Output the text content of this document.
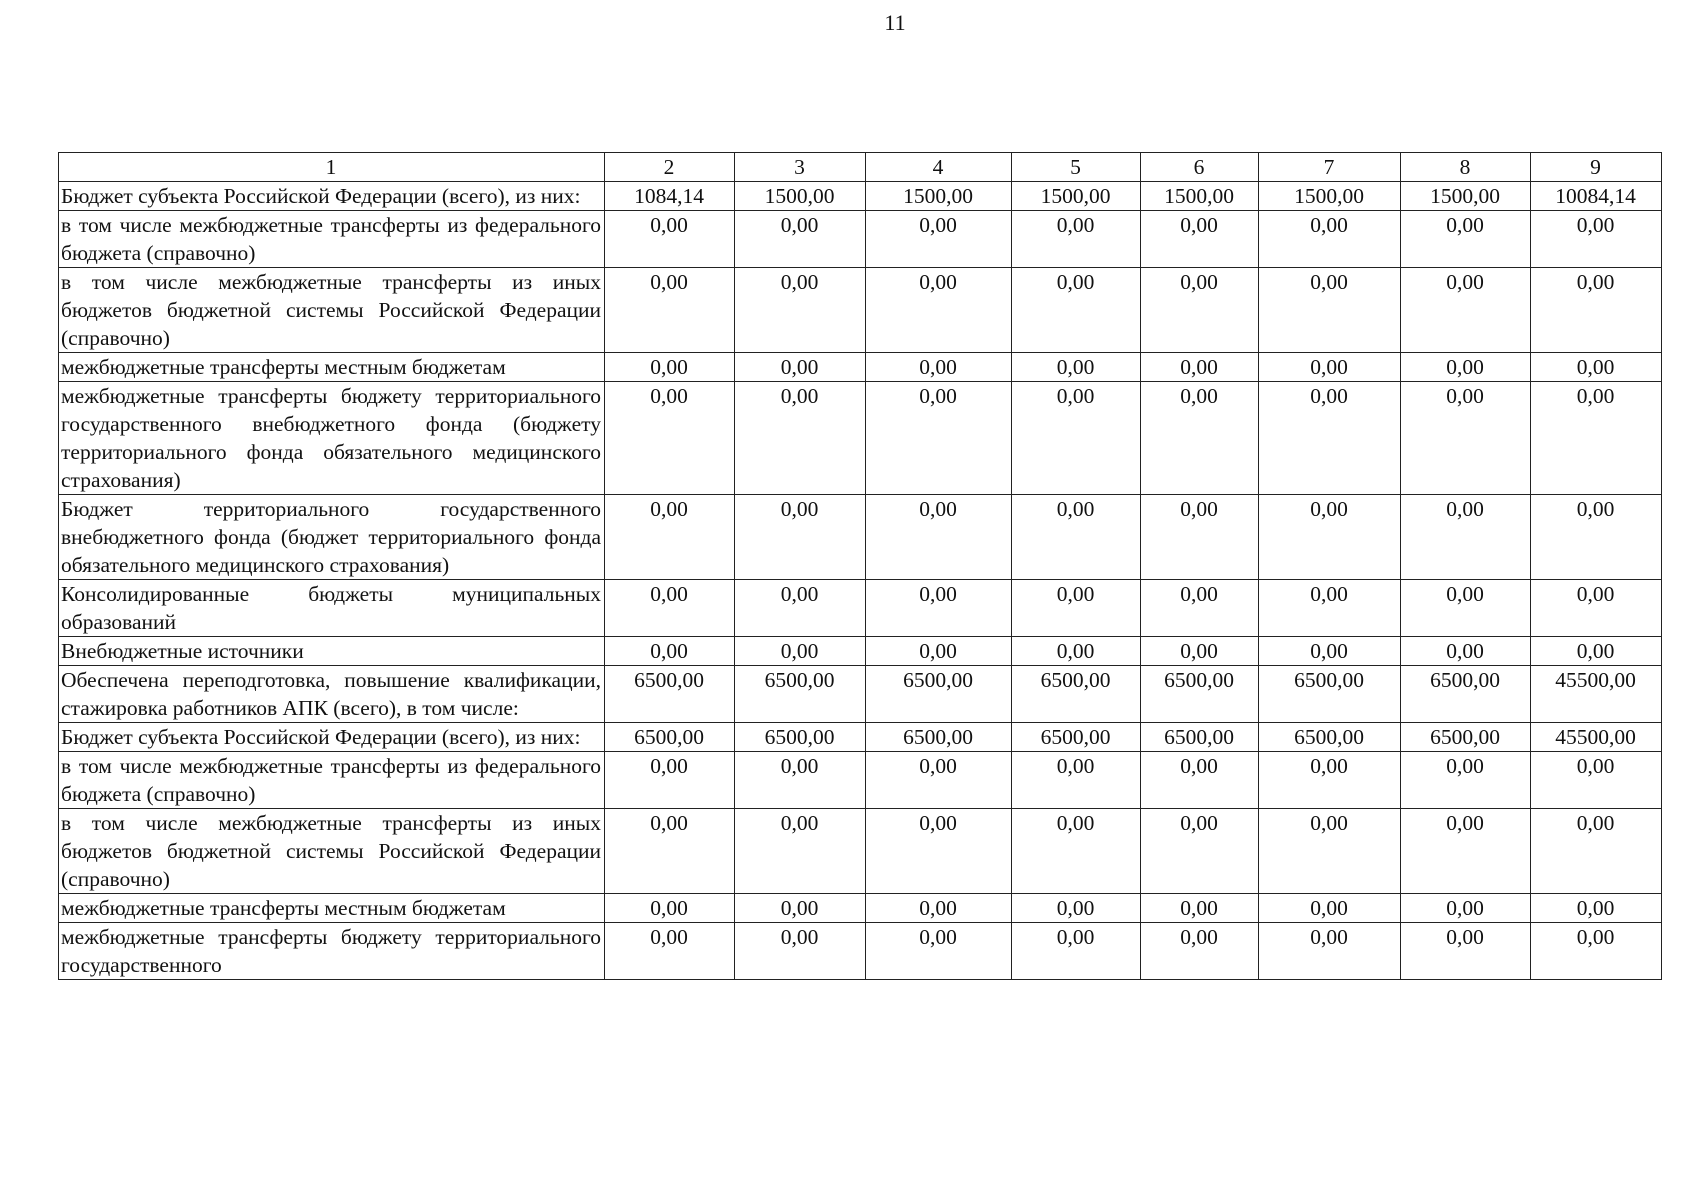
11
1	2	3	4	5	6	7	8	9
Бюджет субъекта Российской Федерации (всего), из них:	1084,14	1500,00	1500,00	1500,00	1500,00	1500,00	1500,00	10084,14
в том числе межбюджетные трансферты из федерального бюджета (справочно)	0,00	0,00	0,00	0,00	0,00	0,00	0,00	0,00
в том числе межбюджетные трансферты из иных бюджетов бюджетной системы Российской Федерации (справочно)	0,00	0,00	0,00	0,00	0,00	0,00	0,00	0,00
межбюджетные трансферты местным бюджетам	0,00	0,00	0,00	0,00	0,00	0,00	0,00	0,00
межбюджетные трансферты бюджету территориального государственного внебюджетного фонда (бюджету территориального фонда обязательного медицинского страхования)	0,00	0,00	0,00	0,00	0,00	0,00	0,00	0,00
Бюджет территориального государственного внебюджетного фонда (бюджет территориального фонда обязательного медицинского страхования)	0,00	0,00	0,00	0,00	0,00	0,00	0,00	0,00
Консолидированные бюджеты муниципальных образований	0,00	0,00	0,00	0,00	0,00	0,00	0,00	0,00
Внебюджетные источники	0,00	0,00	0,00	0,00	0,00	0,00	0,00	0,00
Обеспечена переподготовка, повышение квалификации, стажировка работников АПК (всего), в том числе:	6500,00	6500,00	6500,00	6500,00	6500,00	6500,00	6500,00	45500,00
Бюджет субъекта Российской Федерации (всего), из них:	6500,00	6500,00	6500,00	6500,00	6500,00	6500,00	6500,00	45500,00
в том числе межбюджетные трансферты из федерального бюджета (справочно)	0,00	0,00	0,00	0,00	0,00	0,00	0,00	0,00
в том числе межбюджетные трансферты из иных бюджетов бюджетной системы Российской Федерации (справочно)	0,00	0,00	0,00	0,00	0,00	0,00	0,00	0,00
межбюджетные трансферты местным бюджетам	0,00	0,00	0,00	0,00	0,00	0,00	0,00	0,00
межбюджетные трансферты бюджету территориального государственного	0,00	0,00	0,00	0,00	0,00	0,00	0,00	0,00
